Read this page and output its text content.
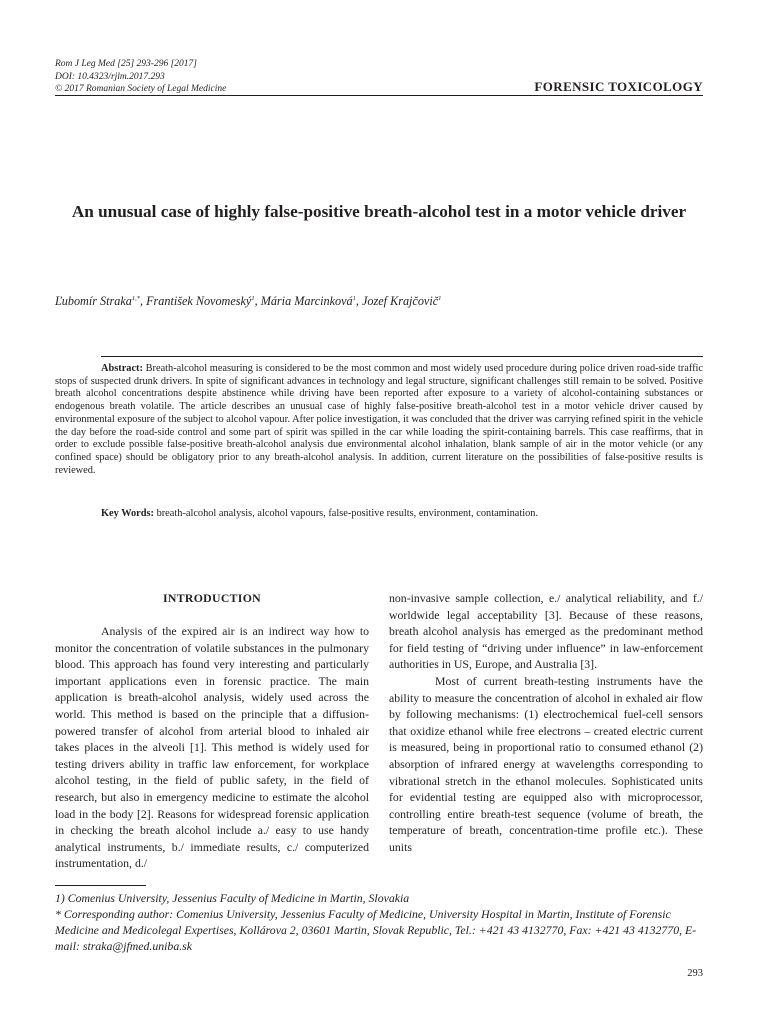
Rom J Leg Med [25] 293-296 [2017]
DOI: 10.4323/rjlm.2017.293
© 2017 Romanian Society of Legal Medicine	FORENSIC TOXICOLOGY
An unusual case of highly false-positive breath-alcohol test in a motor vehicle driver
Ľubomír Straka$^{1,*}$, František Novomeský$^1$, Mária Marcinková$^1$, Jozef Krajčovič$^1$

Abstract: Breath-alcohol measuring is considered to be the most common and most widely used procedure during police driven road-side traffic stops of suspected drunk drivers. In spite of significant advances in technology and legal structure, significant challenges still remain to be solved. Positive breath alcohol concentrations despite abstinence while driving have been reported after exposure to a variety of alcohol-containing substances or endogenous breath volatile. The article describes an unusual case of highly false-positive breath-alcohol test in a motor vehicle driver caused by environmental exposure of the subject to alcohol vapour. After police investigation, it was concluded that the driver was carrying refined spirit in the vehicle the day before the road-side control and some part of spirit was spilled in the car while loading the spirit-containing barrels. This case reaffirms, that in order to exclude possible false-positive breath-alcohol analysis due environmental alcohol inhalation, blank sample of air in the motor vehicle (or any confined space) should be obligatory prior to any breath-alcohol analysis. In addition, current literature on the possibilities of false-positive results is reviewed.

Key Words: breath-alcohol analysis, alcohol vapours, false-positive results, environment, contamination.

INTRODUCTION

Analysis of the expired air is an indirect way how to monitor the concentration of volatile substances in the pulmonary blood. This approach has found very interesting and particularly important applications even in forensic practice. The main application is breath-alcohol analysis, widely used across the world. This method is based on the principle that a diffusion-powered transfer of alcohol from arterial blood to inhaled air takes places in the alveoli [1]. This method is widely used for testing drivers ability in traffic law enforcement, for workplace alcohol testing, in the field of public safety, in the field of research, but also in emergency medicine to estimate the alcohol load in the body [2]. Reasons for widespread forensic application in checking the breath alcohol include a./ easy to use handy analytical instruments, b./ immediate results, c./ computerized instrumentation, d./

non-invasive sample collection, e./ analytical reliability, and f./ worldwide legal acceptability [3]. Because of these reasons, breath alcohol analysis has emerged as the predominant method for field testing of “driving under influence” in law-enforcement authorities in US, Europe, and Australia [3].

Most of current breath-testing instruments have the ability to measure the concentration of alcohol in exhaled air flow by following mechanisms: (1) electrochemical fuel-cell sensors that oxidize ethanol while free electrons – created electric current is measured, being in proportional ratio to consumed ethanol (2) absorption of infrared energy at wavelengths corresponding to vibrational stretch in the ethanol molecules. Sophisticated units for evidential testing are equipped also with microprocessor, controlling entire breath-test sequence (volume of breath, the temperature of breath, concentration-time profile etc.). These units

1) Comenius University, Jessenius Faculty of Medicine in Martin, Slovakia

* Corresponding author: Comenius University, Jessenius Faculty of Medicine, University Hospital in Martin, Institute of Forensic Medicine and Medicolegal Expertises, Kollárova 2, 03601 Martin, Slovak Republic, Tel.: +421 43 4132770, Fax: +421 43 4132770, E-mail: straka@jfmed.uniba.sk

293
